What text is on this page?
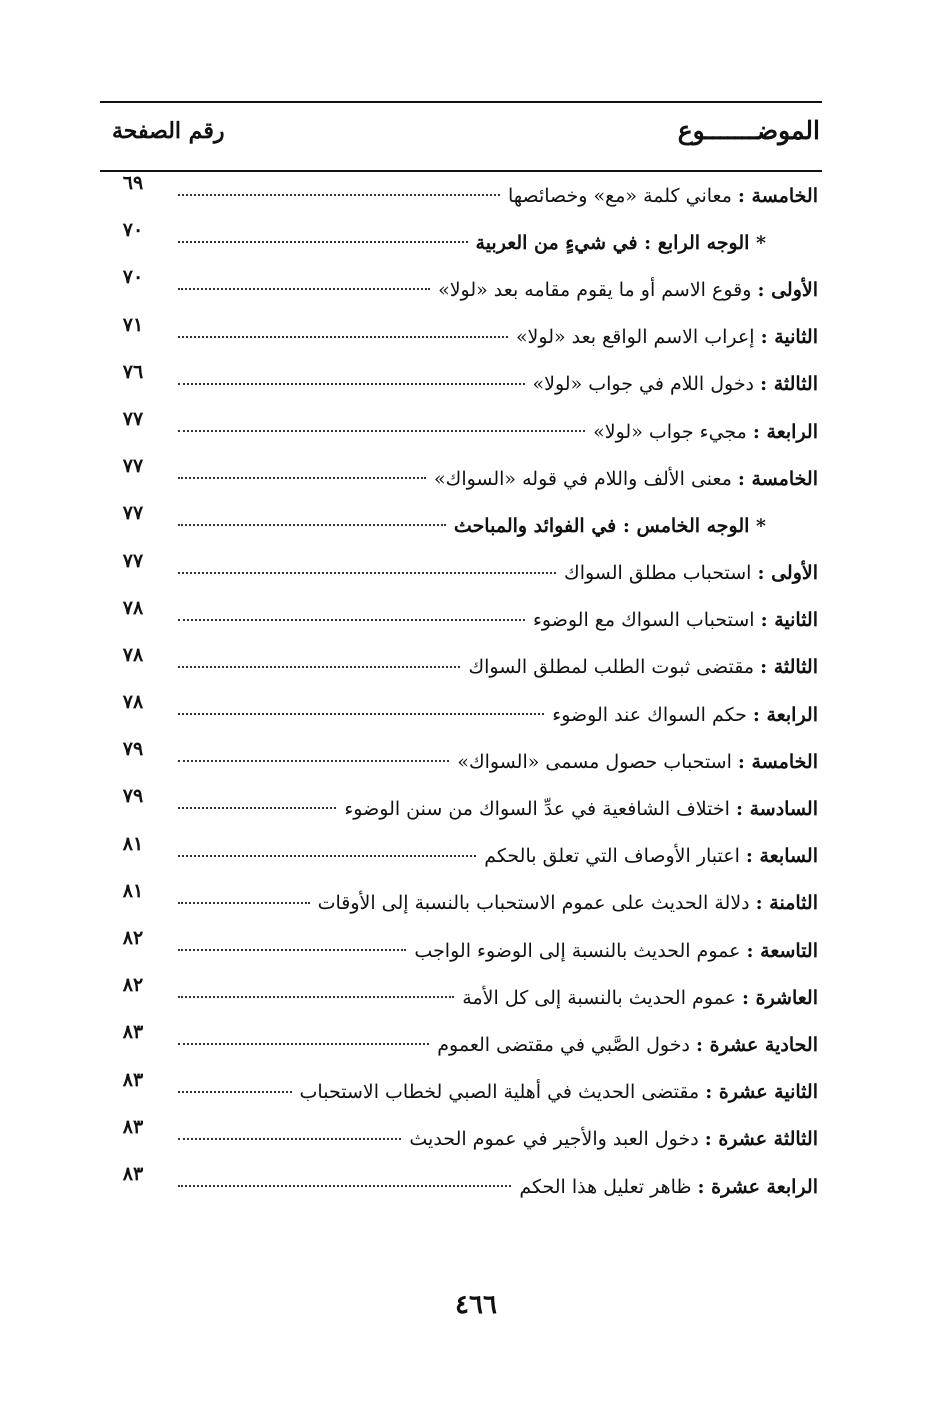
الموضـــــــوع
رقم الصفحة
الخامسة : معاني كلمة «مع» وخصائصها
٦٩
* الوجه الرابع : في شيءٍ من العربية
٧٠
الأولى : وقوع الاسم أو ما يقوم مقامه بعد «لولا»
٧٠
الثانية : إعراب الاسم الواقع بعد «لولا»
٧١
الثالثة : دخول اللام في جواب «لولا»
٧٦
الرابعة : مجيء جواب «لولا»
٧٧
الخامسة : معنى الألف واللام في قوله «السواك»
٧٧
* الوجه الخامس : في الفوائد والمباحث
٧٧
الأولى : استحباب مطلق السواك
٧٧
الثانية : استحباب السواك مع الوضوء
٧٨
الثالثة : مقتضى ثبوت الطلب لمطلق السواك
٧٨
الرابعة : حكم السواك عند الوضوء
٧٨
الخامسة : استحباب حصول مسمى «السواك»
٧٩
السادسة : اختلاف الشافعية في عدِّ السواك من سنن الوضوء
٧٩
السابعة : اعتبار الأوصاف التي تعلق بالحكم
٨١
الثامنة : دلالة الحديث على عموم الاستحباب بالنسبة إلى الأوقات
٨١
التاسعة : عموم الحديث بالنسبة إلى الوضوء الواجب
٨٢
العاشرة : عموم الحديث بالنسبة إلى كل الأمة
٨٢
الحادية عشرة : دخول الصَّبي في مقتضى العموم
٨٣
الثانية عشرة : مقتضى الحديث في أهلية الصبي لخطاب الاستحباب
٨٣
الثالثة عشرة : دخول العبد والأجير في عموم الحديث
٨٣
الرابعة عشرة : ظاهر تعليل هذا الحكم
٨٣
٤٦٦
